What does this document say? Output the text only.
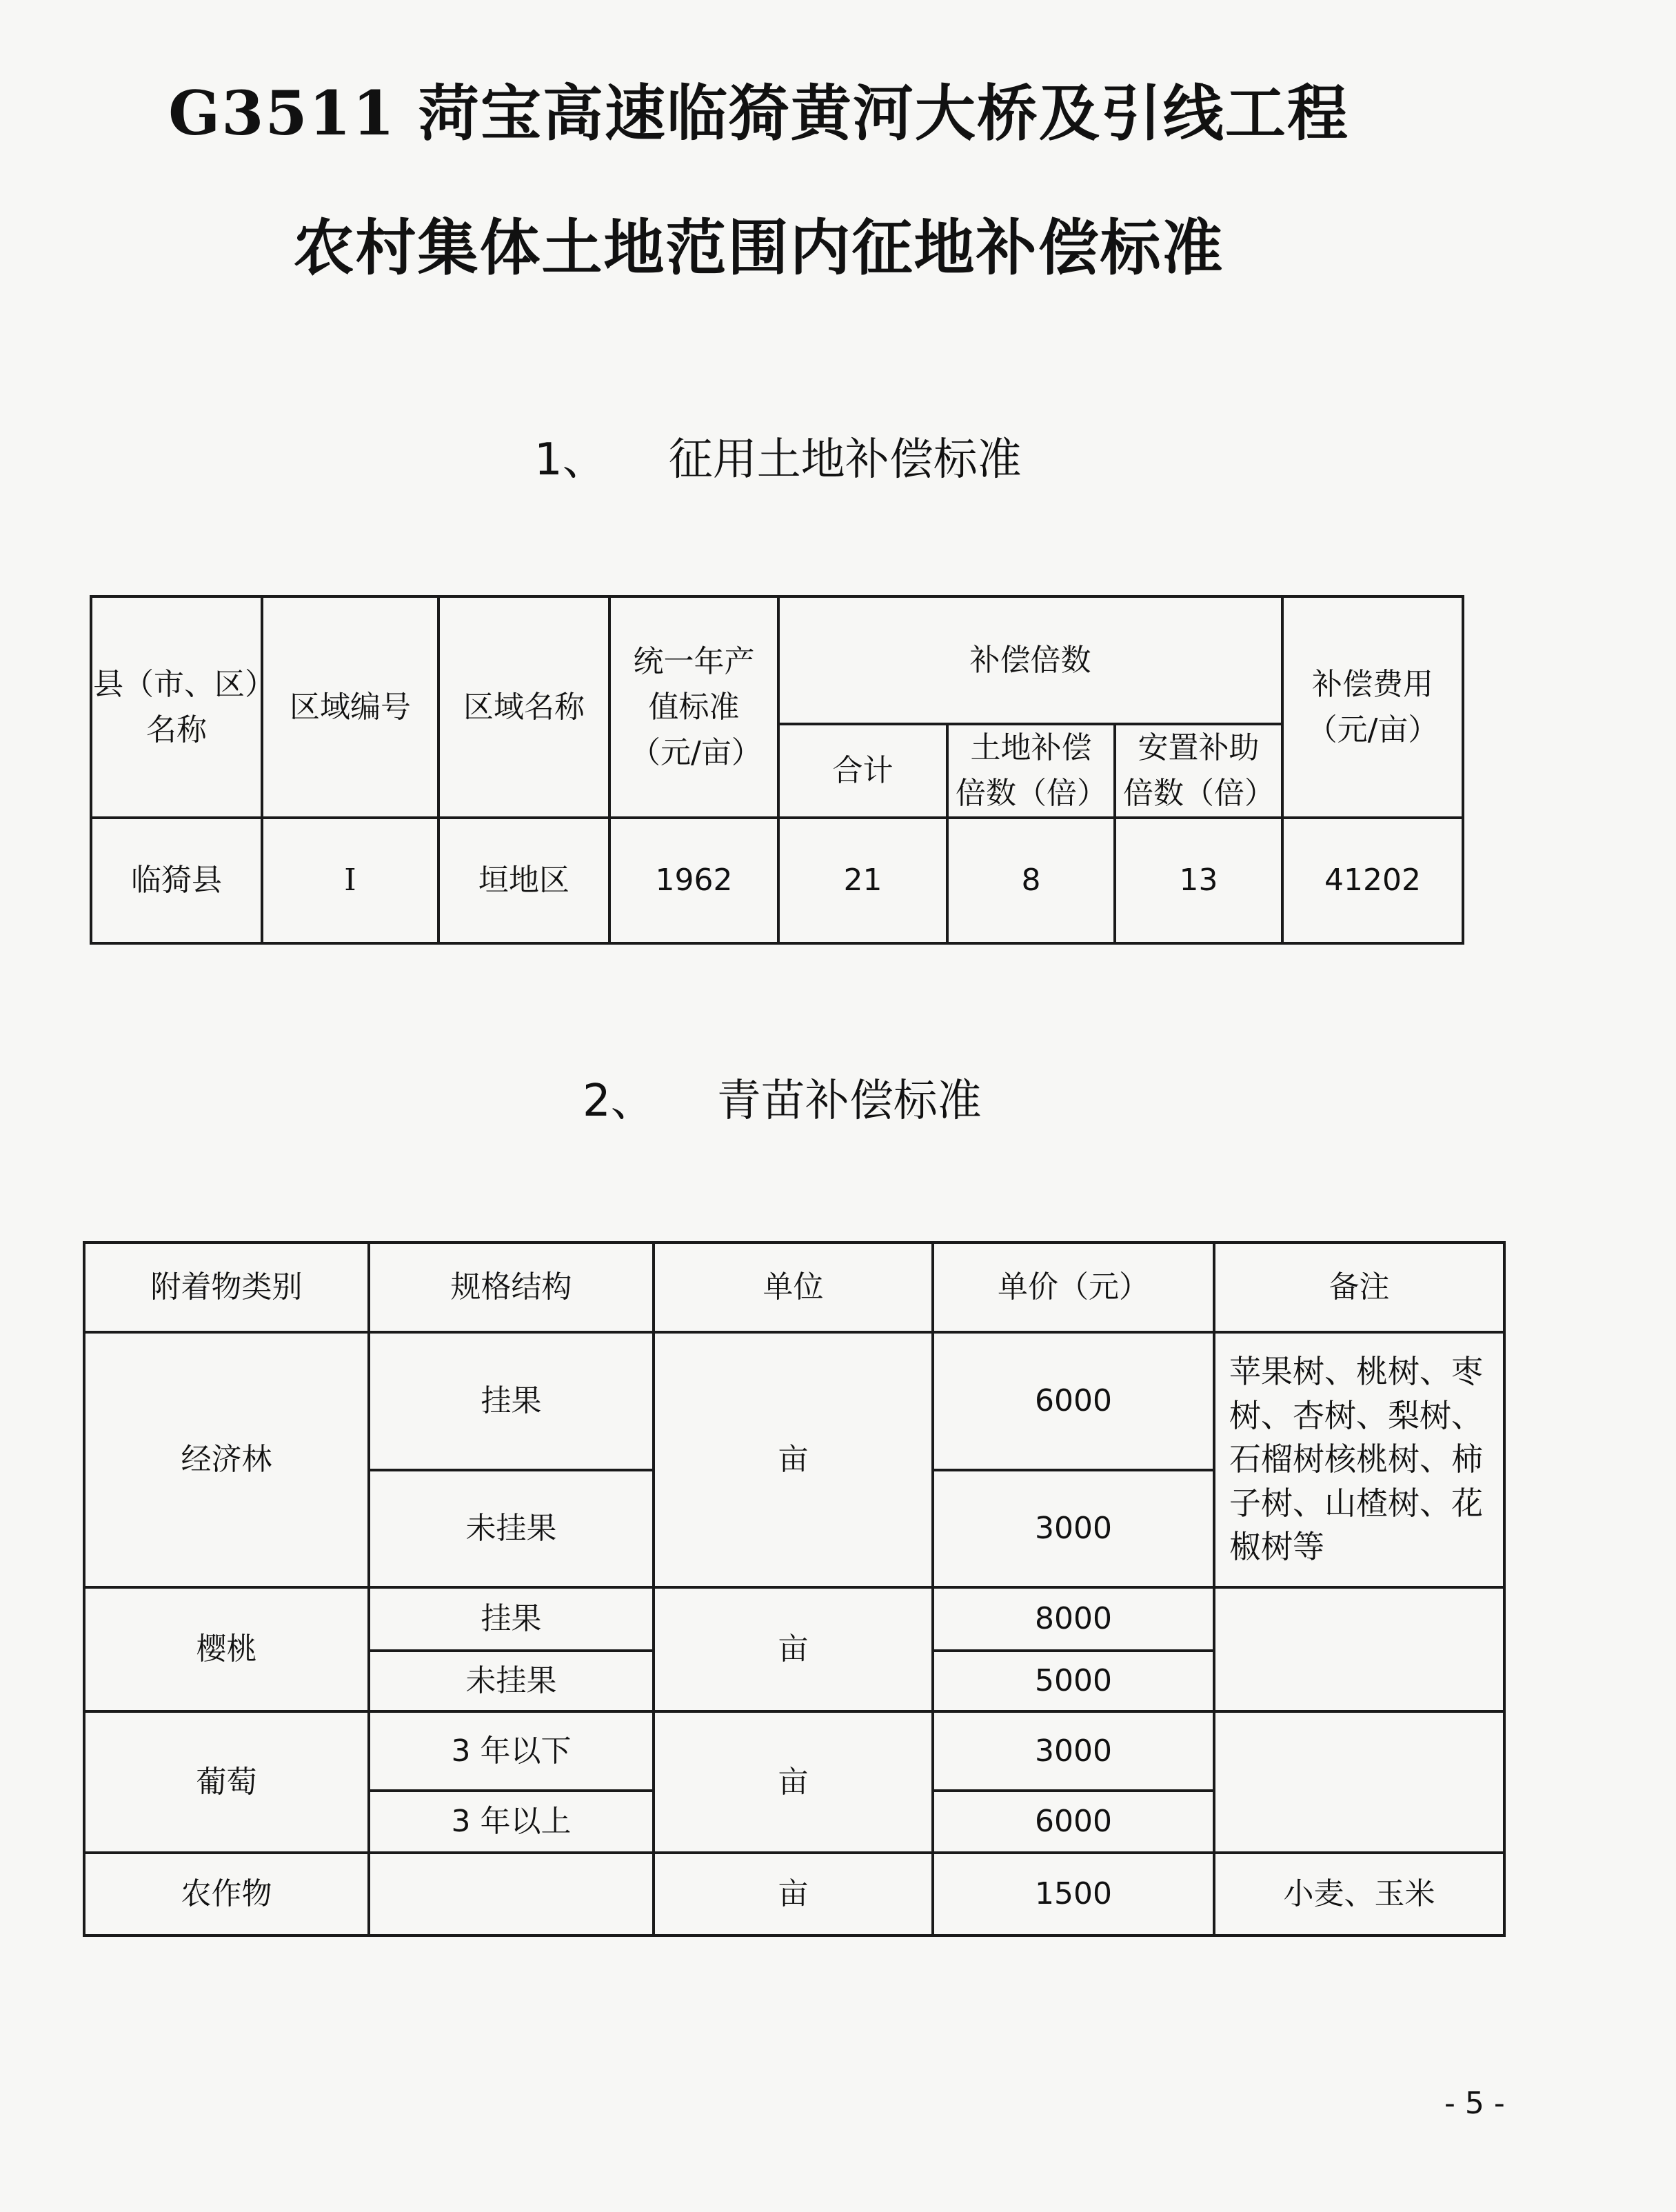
G3511 菏宝高速临猗黄河大桥及引线工程
农村集体土地范围内征地补偿标准
1、 征用土地补偿标准
县（市、区）名称	区域编号	区域名称	统一年产值标准（元/亩）	补偿倍数			补偿费用（元/亩）
				合计	土地补偿倍数（倍）	安置补助倍数（倍）	
临猗县	I	垣地区	1962	21	8	13	41202
2、 青苗补偿标准
附着物类别	规格结构	单位	单价（元）	备注
经济林	挂果	亩	6000	苹果树、桃树、枣树、杏树、梨树、石榴树核桃树、柿子树、山楂树、花椒树等
	未挂果		3000	
樱桃	挂果	亩	8000	
	未挂果		5000	
葡萄	3 年以下	亩	3000	
	3 年以上		6000	
农作物		亩	1500	小麦、玉米
- 5 -
